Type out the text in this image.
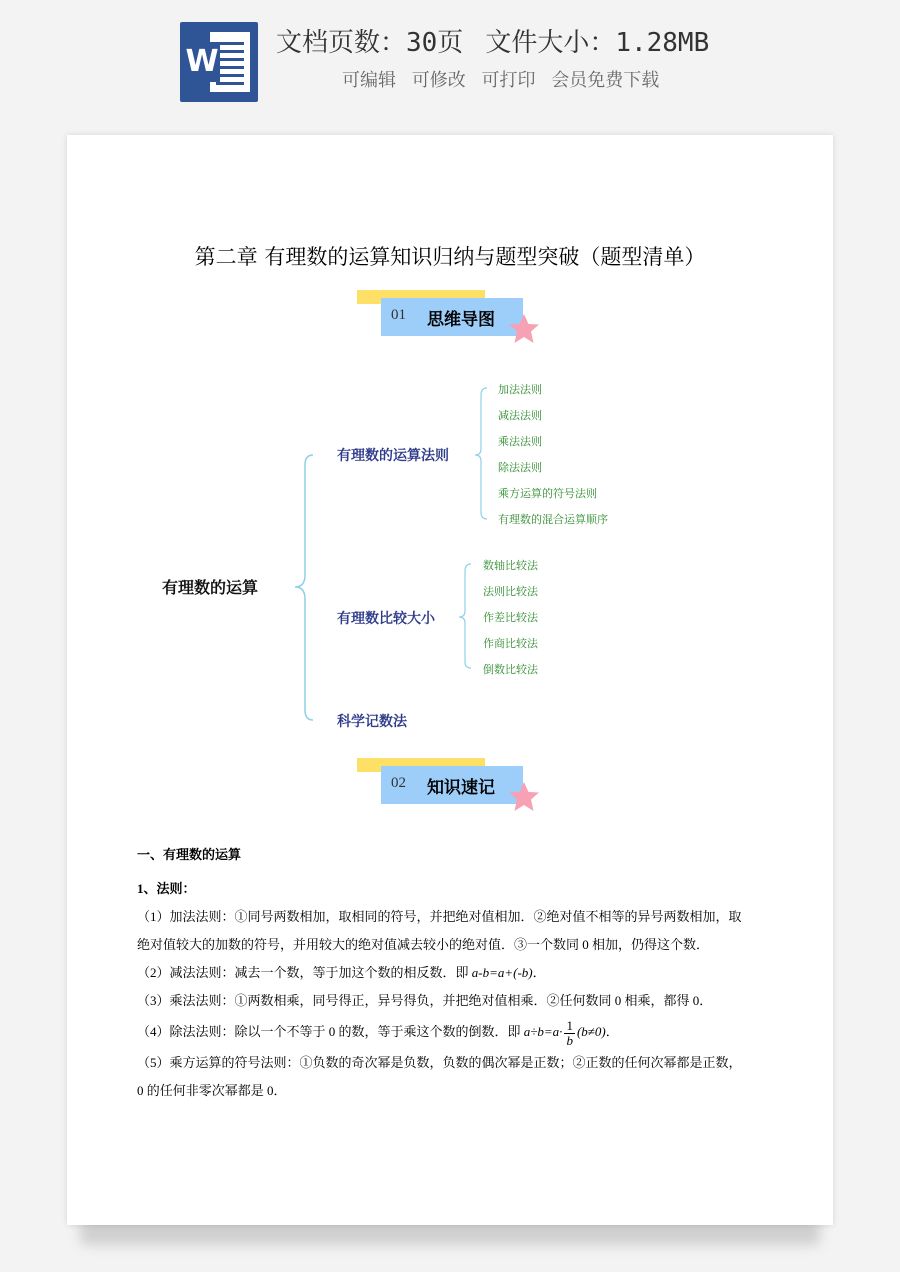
W
文档页数：30页 文件大小：1.28MB
可编辑 可修改 可打印 会员免费下载
第二章 有理数的运算知识归纳与题型突破（题型清单）
01 思维导图
有理数的运算
有理数的运算法则
加法法则
减法法则
乘法法则
除法法则
乘方运算的符号法则
有理数的混合运算顺序
有理数比较大小
数轴比较法
法则比较法
作差比较法
作商比较法
倒数比较法
科学记数法
02 知识速记

一、有理数的运算

1、法则：

（1）加法法则：①同号两数相加，取相同的符号，并把绝对值相加．②绝对值不相等的异号两数相加，取

绝对值较大的加数的符号，并用较大的绝对值减去较小的绝对值．③一个数同 0 相加，仍得这个数．

（2）减法法则：减去一个数，等于加这个数的相反数．即 a-b=a+(-b)．

（3）乘法法则：①两数相乘，同号得正，异号得负，并把绝对值相乘．②任何数同 0 相乘，都得 0．

（4）除法法则：除以一个不等于 0 的数，等于乘这个数的倒数．即 $a\div b=a\cdot \frac{1}{b} (b\ne 0)$．

（5）乘方运算的符号法则：①负数的奇次幂是负数，负数的偶次幂是正数；②正数的任何次幂都是正数，

0 的任何非零次幂都是 0．
